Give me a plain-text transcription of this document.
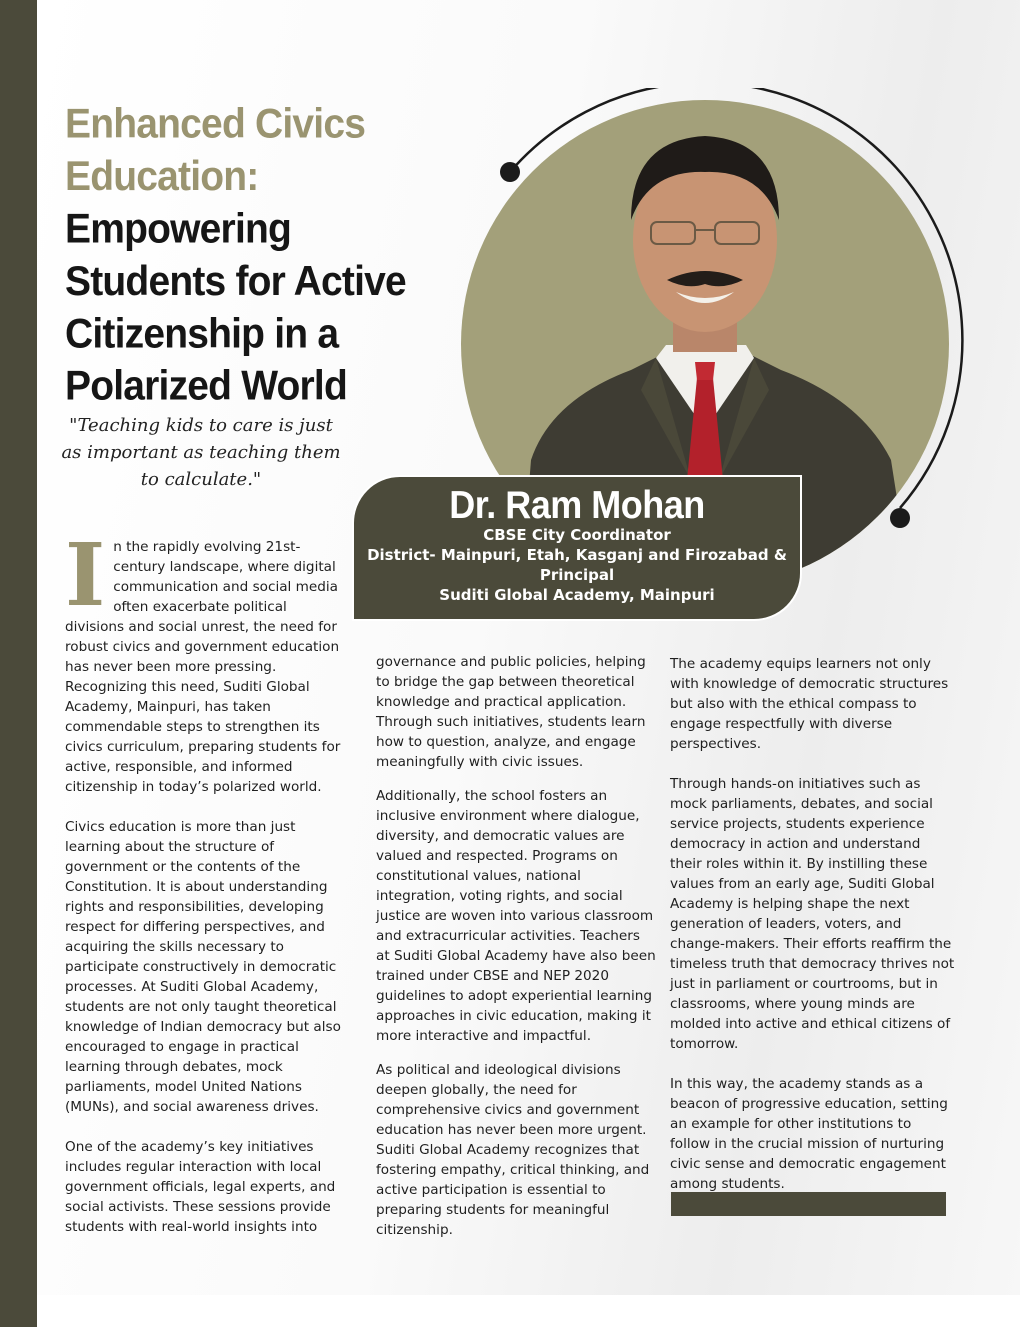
Enhanced Civics
Education:
Empowering
Students for Active
Citizenship in a
Polarized World
"Teaching kids to care is just as important as teaching them to calculate."
Dr. Ram Mohan
CBSE City Coordinator
District- Mainpuri, Etah, Kasganj and Firozabad &
Principal
Suditi Global Academy, Mainpuri

In the rapidly evolving 21st-century landscape, where digital communication and social media often exacerbate political divisions and social unrest, the need for robust civics and government education has never been more pressing. Recognizing this need, Suditi Global Academy, Mainpuri, has taken commendable steps to strengthen its civics curriculum, preparing students for active, responsible, and informed citizenship in today’s polarized world.

Civics education is more than just learning about the structure of government or the contents of the Constitution. It is about understanding rights and responsibilities, developing respect for differing perspectives, and acquiring the skills necessary to participate constructively in democratic processes. At Suditi Global Academy, students are not only taught theoretical knowledge of Indian democracy but also encouraged to engage in practical learning through debates, mock parliaments, model United Nations (MUNs), and social awareness drives.

One of the academy’s key initiatives includes regular interaction with local government officials, legal experts, and social activists. These sessions provide students with real-world insights into

governance and public policies, helping to bridge the gap between theoretical knowledge and practical application. Through such initiatives, students learn how to question, analyze, and engage meaningfully with civic issues.

Additionally, the school fosters an inclusive environment where dialogue, diversity, and democratic values are valued and respected. Programs on constitutional values, national integration, voting rights, and social justice are woven into various classroom and extracurricular activities. Teachers at Suditi Global Academy have also been trained under CBSE and NEP 2020 guidelines to adopt experiential learning approaches in civic education, making it more interactive and impactful.

As political and ideological divisions deepen globally, the need for comprehensive civics and government education has never been more urgent. Suditi Global Academy recognizes that fostering empathy, critical thinking, and active participation is essential to preparing students for meaningful citizenship.

The academy equips learners not only with knowledge of democratic structures but also with the ethical compass to engage respectfully with diverse perspectives.

Through hands-on initiatives such as mock parliaments, debates, and social service projects, students experience democracy in action and understand their roles within it. By instilling these values from an early age, Suditi Global Academy is helping shape the next generation of leaders, voters, and change-makers. Their efforts reaffirm the timeless truth that democracy thrives not just in parliament or courtrooms, but in classrooms, where young minds are molded into active and ethical citizens of tomorrow.

In this way, the academy stands as a beacon of progressive education, setting an example for other institutions to follow in the crucial mission of nurturing civic sense and democratic engagement among students.
